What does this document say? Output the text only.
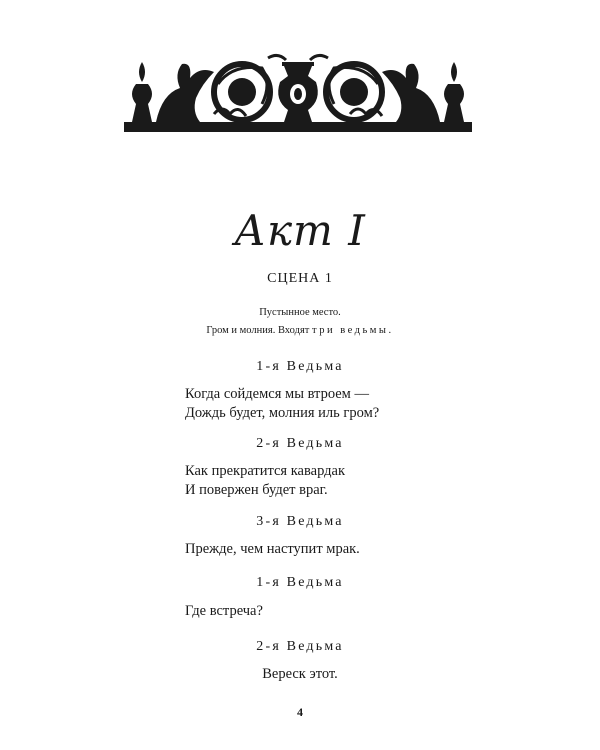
Акт I
СЦЕНА 1
Пустынное место.
Гром и молния. Входят три ведьмы.
1-я Ведьма
Когда сойдемся мы втроем —
Дождь будет, молния иль гром?
2-я Ведьма
Как прекратится кавардак
И повержен будет враг.
3-я Ведьма
Прежде, чем наступит мрак.
1-я Ведьма
Где встреча?
2-я Ведьма
Вереск этот.
4
